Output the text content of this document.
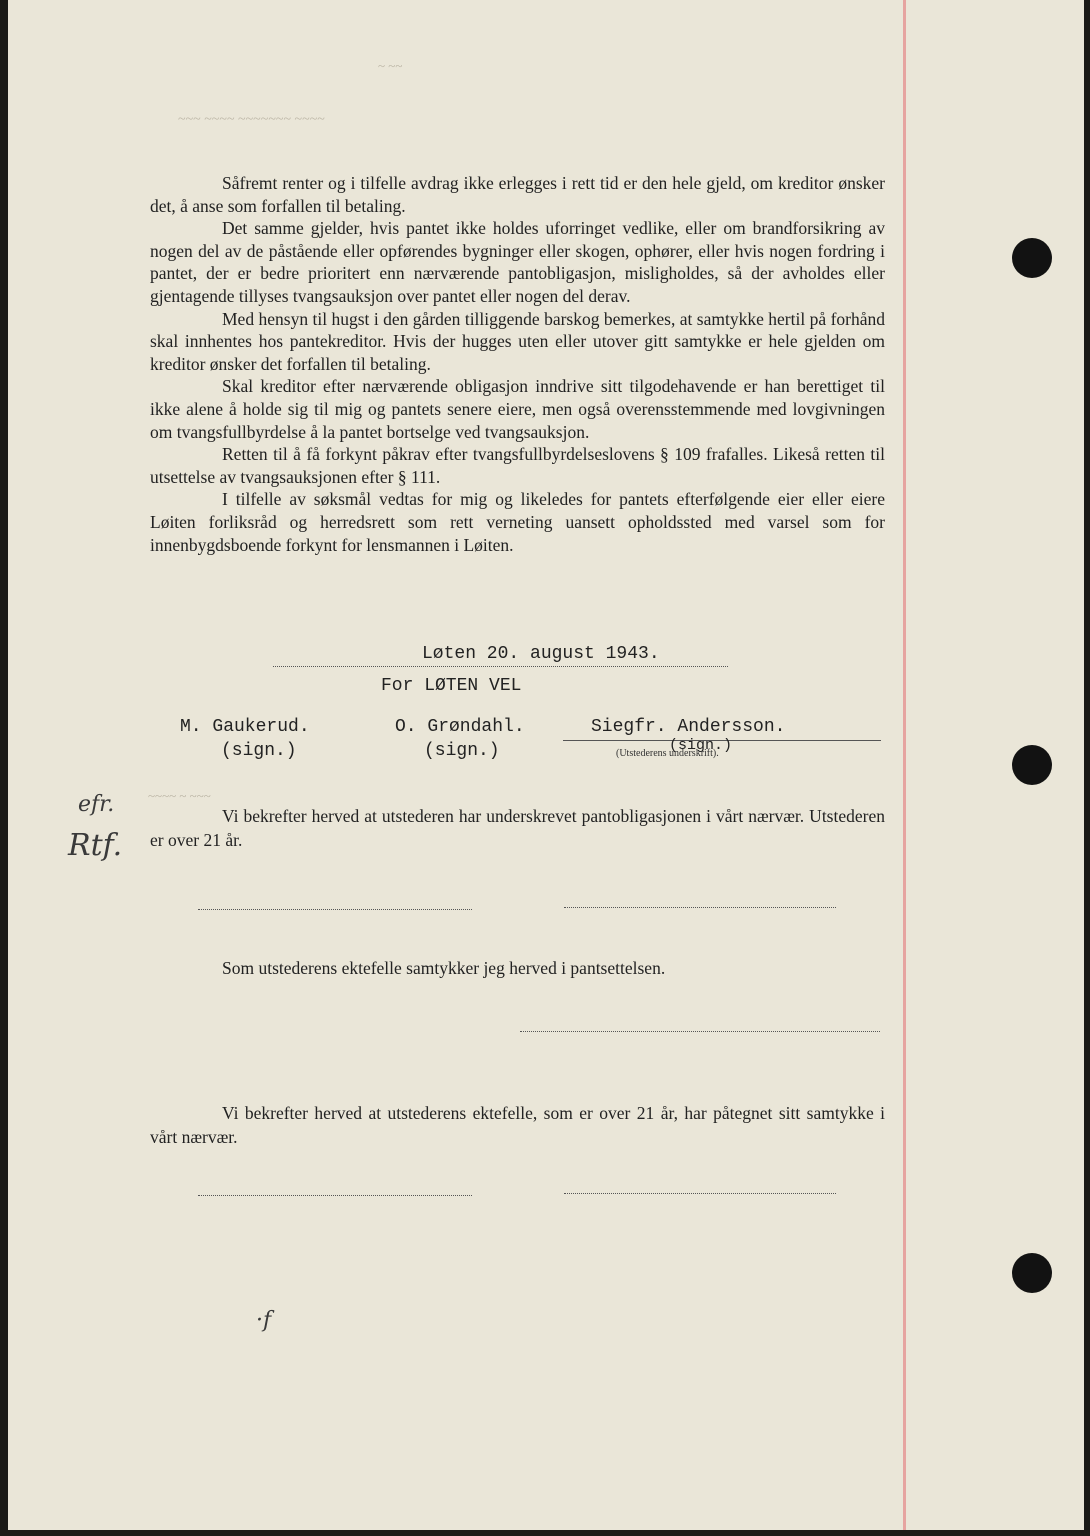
~ ~~
~~~ ~~~~ ~~~~~~~ ~~~~

Såfremt renter og i tilfelle avdrag ikke erlegges i rett tid er den hele gjeld, om kreditor ønsker det, å anse som forfallen til betaling.

Det samme gjelder, hvis pantet ikke holdes uforringet vedlike, eller om brandforsikring av nogen del av de påstående eller opførendes bygninger eller skogen, ophører, eller hvis nogen fordring i pantet, der er bedre prioritert enn nærværende pantobligasjon, misligholdes, så der avholdes eller gjentagende tillyses tvangsauksjon over pantet eller nogen del derav.

Med hensyn til hugst i den gården tilliggende barskog bemerkes, at samtykke hertil på forhånd skal innhentes hos pantekreditor. Hvis der hugges uten eller utover gitt samtykke er hele gjelden om kreditor ønsker det forfallen til betaling.

Skal kreditor efter nærværende obligasjon inndrive sitt tilgodehavende er han berettiget til ikke alene å holde sig til mig og pantets senere eiere, men også overensstemmende med lovgivningen om tvangsfullbyrdelse å la pantet bortselge ved tvangsauksjon.

Retten til å få forkynt påkrav efter tvangsfullbyrdelseslovens § 109 frafalles. Likeså retten til utsettelse av tvangsauksjonen efter § 111.

I tilfelle av søksmål vedtas for mig og likeledes for pantets efterfølgende eier eller eiere Løiten forliksråd og herredsrett som rett verneting uansett opholdssted med varsel som for innenbygdsboende forkynt for lensmannen i Løiten.

Løten 20. august 1943.
For LØTEN VEL
M. Gaukerud.
(sign.)
O. Grøndahl.
(sign.)
Siegfr. Andersson.
(sign.)
(Utstederens underskrift).
~~~~ ~ ~~~
efr.
Rtf.
Vi bekrefter herved at utstederen har underskrevet pantobligasjonen i vårt nærvær. Utstederen er over 21 år.
Som utstederens ektefelle samtykker jeg herved i pantsettelsen.
Vi bekrefter herved at utstederens ektefelle, som er over 21 år, har påtegnet sitt samtykke i vårt nærvær.
·f
